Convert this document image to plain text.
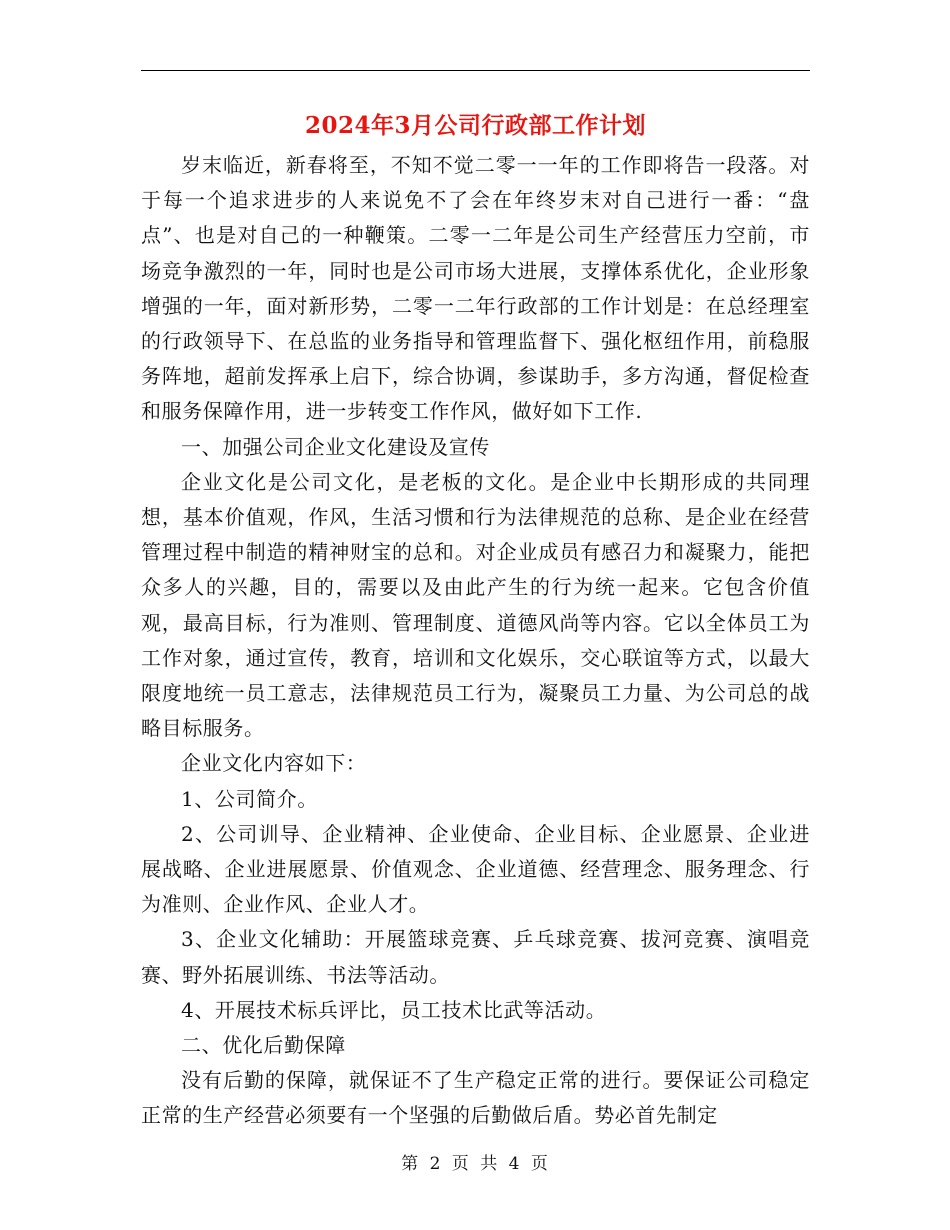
2024年3月公司行政部工作计划

岁末临近，新春将至，不知不觉二零一一年的工作即将告一段落。对于每一个追求进步的人来说免不了会在年终岁末对自己进行一番：“盘点”、也是对自己的一种鞭策。二零一二年是公司生产经营压力空前，市场竞争激烈的一年，同时也是公司市场大进展，支撑体系优化，企业形象增强的一年，面对新形势，二零一二年行政部的工作计划是：在总经理室的行政领导下、在总监的业务指导和管理监督下、强化枢纽作用，前稳服务阵地，超前发挥承上启下，综合协调，参谋助手，多方沟通，督促检查和服务保障作用，进一步转变工作作风，做好如下工作.

一、加强公司企业文化建设及宣传

企业文化是公司文化，是老板的文化。是企业中长期形成的共同理想，基本价值观，作风，生活习惯和行为法律规范的总称、是企业在经营管理过程中制造的精神财宝的总和。对企业成员有感召力和凝聚力，能把众多人的兴趣，目的，需要以及由此产生的行为统一起来。它包含价值观，最高目标，行为准则、管理制度、道德风尚等内容。它以全体员工为工作对象，通过宣传，教育，培训和文化娱乐，交心联谊等方式，以最大限度地统一员工意志，法律规范员工行为，凝聚员工力量、为公司总的战略目标服务。

企业文化内容如下：

1、公司简介。

2、公司训导、企业精神、企业使命、企业目标、企业愿景、企业进展战略、企业进展愿景、价值观念、企业道德、经营理念、服务理念、行为准则、企业作风、企业人才。

3、企业文化辅助：开展篮球竞赛、乒乓球竞赛、拔河竞赛、演唱竞赛、野外拓展训练、书法等活动。

4、开展技术标兵评比，员工技术比武等活动。

二、优化后勤保障

没有后勤的保障，就保证不了生产稳定正常的进行。要保证公司稳定正常的生产经营必须要有一个坚强的后勤做后盾。势必首先制定

第 2 页 共 4 页
